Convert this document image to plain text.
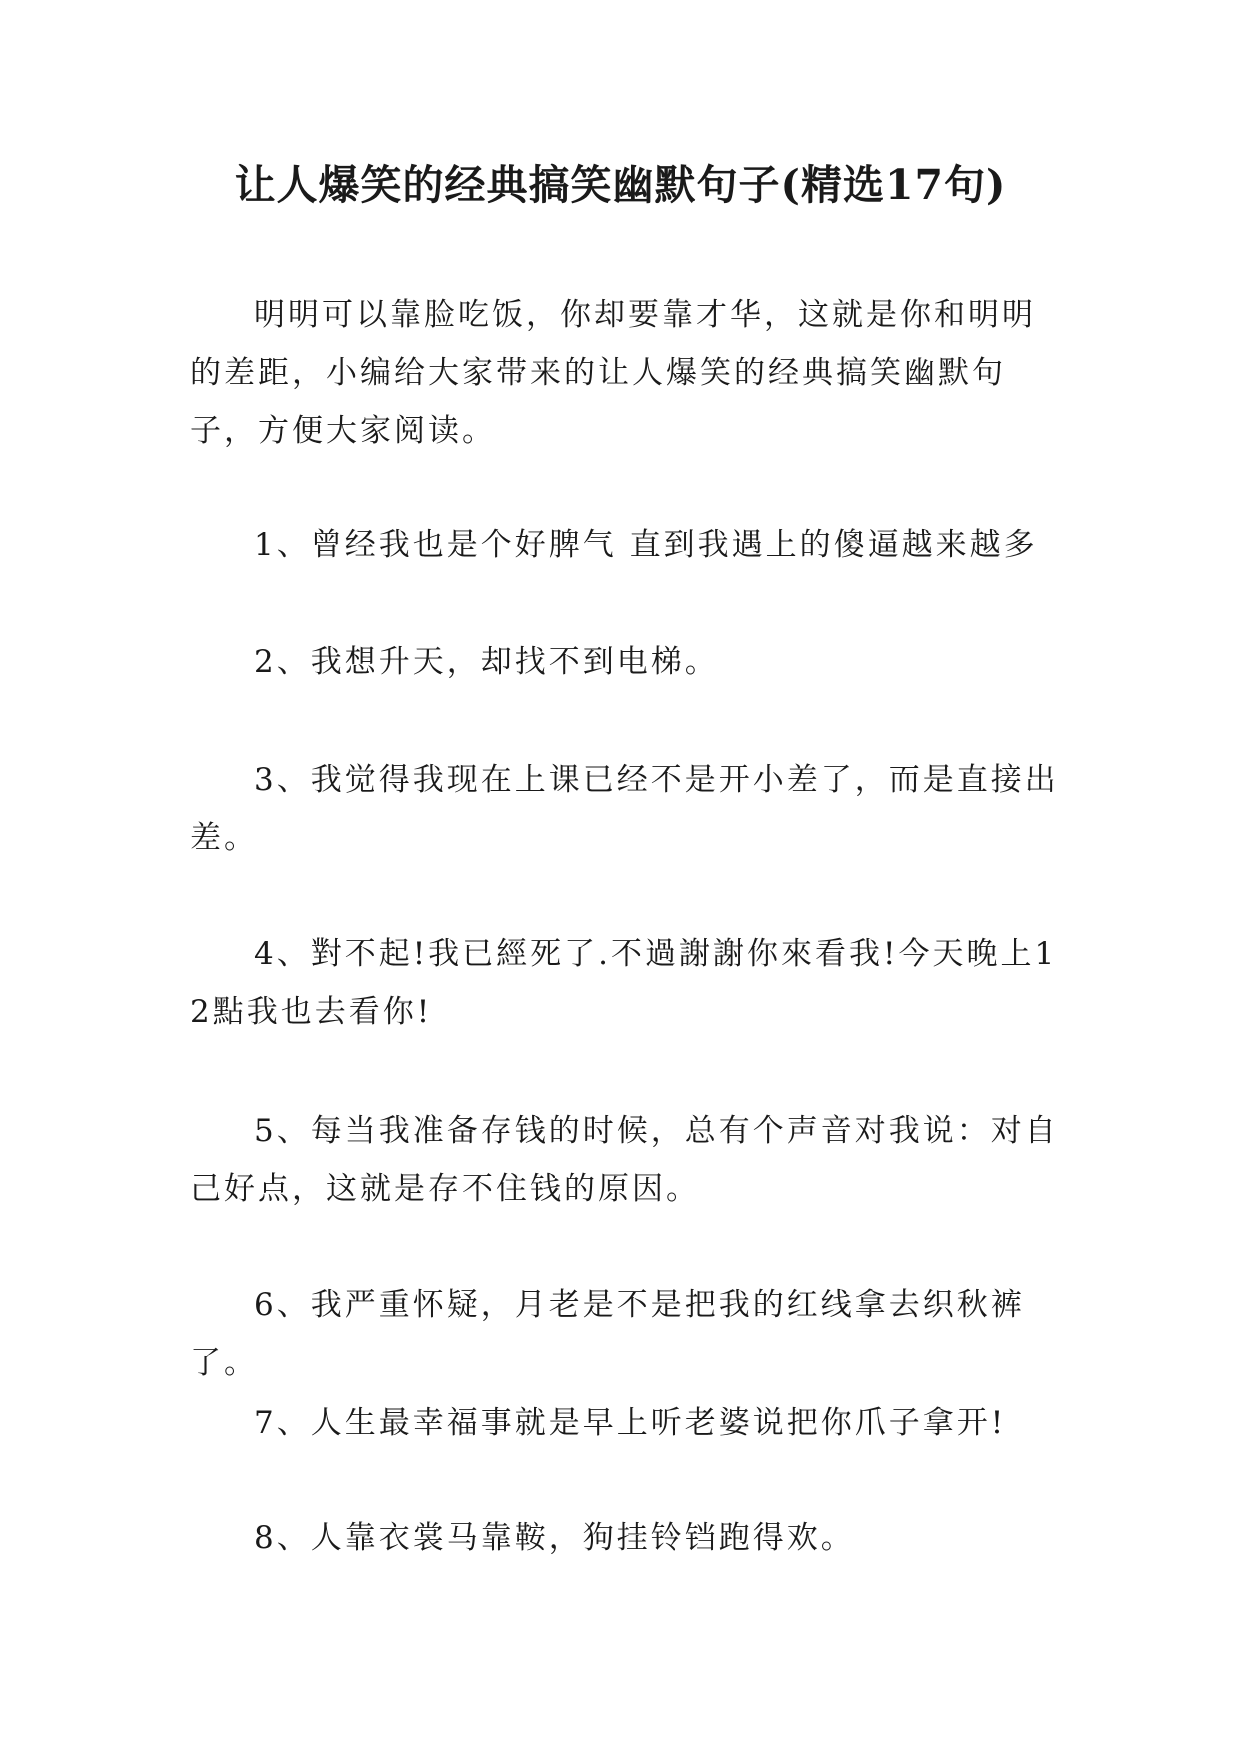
让人爆笑的经典搞笑幽默句子(精选17句)

明明可以靠脸吃饭，你却要靠才华，这就是你和明明的差距，小编给大家带来的让人爆笑的经典搞笑幽默句子，方便大家阅读。

1、曾经我也是个好脾气 直到我遇上的傻逼越来越多

2、我想升天，却找不到电梯。

3、我觉得我现在上课已经不是开小差了，而是直接出差。

4、對不起!我已經死了.不過謝謝你來看我!今天晚上12點我也去看你!

5、每当我准备存钱的时候，总有个声音对我说：对自己好点，这就是存不住钱的原因。

6、我严重怀疑，月老是不是把我的红线拿去织秋裤了。

7、人生最幸福事就是早上听老婆说把你爪子拿开!

8、人靠衣裳马靠鞍，狗挂铃铛跑得欢。
